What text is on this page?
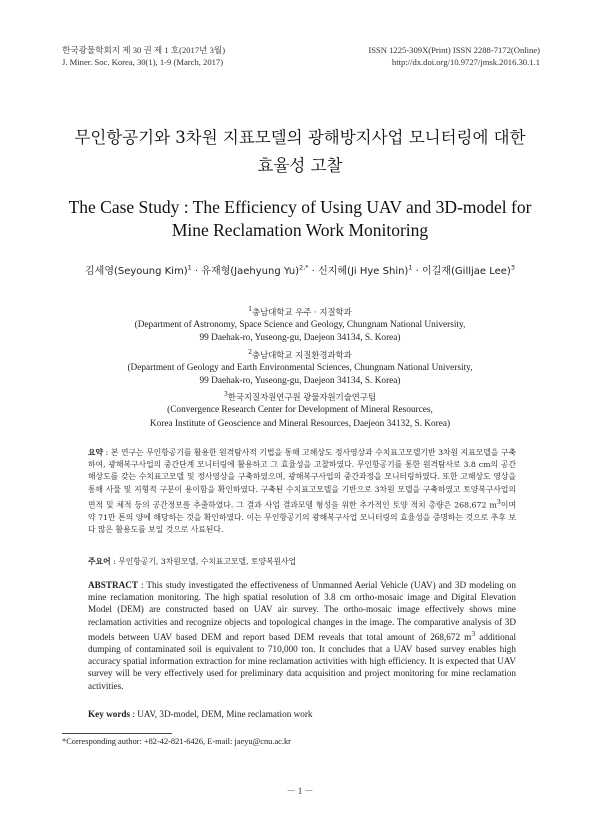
한국광물학회지 제 30 권 제 1 호(2017년 3월)
J. Miner. Soc. Korea, 30(1), 1-9 (March, 2017)
ISSN 1225-309X(Print) ISSN 2288-7172(Online)
http://dx.doi.org/10.9727/jmsk.2016.30.1.1
무인항공기와 3차원 지표모델의 광해방지사업 모니터링에 대한
효율성 고찰
The Case Study : The Efficiency of Using UAV and 3D-model for
Mine Reclamation Work Monitoring
김세영(Seyoung Kim)$^1$ · 유재형(Jaehyung Yu)$^{2,*}$ · 신지혜(Ji Hye Shin)$^1$ · 이길재(Gilljae Lee)$^3$
$^1$충남대학교 우주 · 지질학과
(Department of Astronomy, Space Science and Geology, Chungnam National University,
99 Daehak-ro, Yuseong-gu, Daejeon 34134, S. Korea)
$^2$충남대학교 지질환경과학과
(Department of Geology and Earth Environmental Sciences, Chungnam National University,
99 Daehak-ro, Yuseong-gu, Daejeon 34134, S. Korea)
$^3$한국지질자원연구원 광물자원기술연구팀
(Convergence Research Center for Development of Mineral Resources,
Korea Institute of Geoscience and Mineral Resources, Daejeon 34132, S. Korea)
요약 : 본 연구는 무인항공기를 활용한 원격탐사적 기법을 통해 고해상도 정사영상과 수치표고모델기반 3차원 지표모델을 구축하여, 광해복구사업의 중간단계 모니터링에 활용하고 그 효율성을 고찰하였다. 무인항공기를 통한 원격탐사로 3.8 cm의 공간해상도를 갖는 수치표고모델 및 정사영상을 구축하였으며, 광해복구사업의 중간과정을 모니터링하였다. 또한 고해상도 영상을 통해 사물 및 지형적 구분이 용이함을 확인하였다. 구축된 수치표고모델을 기반으로 3차원 모델을 구축하였고 토양복구사업의 면적 및 체적 등의 공간정보를 추출하였다. 그 결과 사업 결과모델 형성을 위한 추가적인 토양 적치 총량은 268,672 $m^3$이며 약 71만 톤의 양에 해당하는 것을 확인하였다. 이는 무인항공기의 광해복구사업 모니터링의 효율성을 증명하는 것으로 추후 보다 많은 활용도를 보일 것으로 사료된다.
주요어 : 무인항공기, 3차원모델, 수치표고모델, 토양복원사업
ABSTRACT : This study investigated the effectiveness of Unmanned Aerial Vehicle (UAV) and 3D modeling on mine reclamation monitoring. The high spatial resolution of 3.8 cm ortho-mosaic image and Digital Elevation Model (DEM) are constructed based on UAV air survey. The ortho-mosaic image effectively shows mine reclamation activities and recognize objects and topological changes in the image. The comparative analysis of 3D models between UAV based DEM and report based DEM reveals that total amount of 268,672 $m^3$ additional dumping of contaminated soil is equivalent to 710,000 ton. It concludes that a UAV based survey enables high accuracy spatial information extraction for mine reclamation activities with high efficiency. It is expected that UAV survey will be very effectively used for preliminary data acquisition and project monitoring for mine reclamation activities.
Key words : UAV, 3D-model, DEM, Mine reclamation work
*Corresponding author: +82-42-821-6426, E-mail: jaeyu@cnu.ac.kr
－ 1 －
